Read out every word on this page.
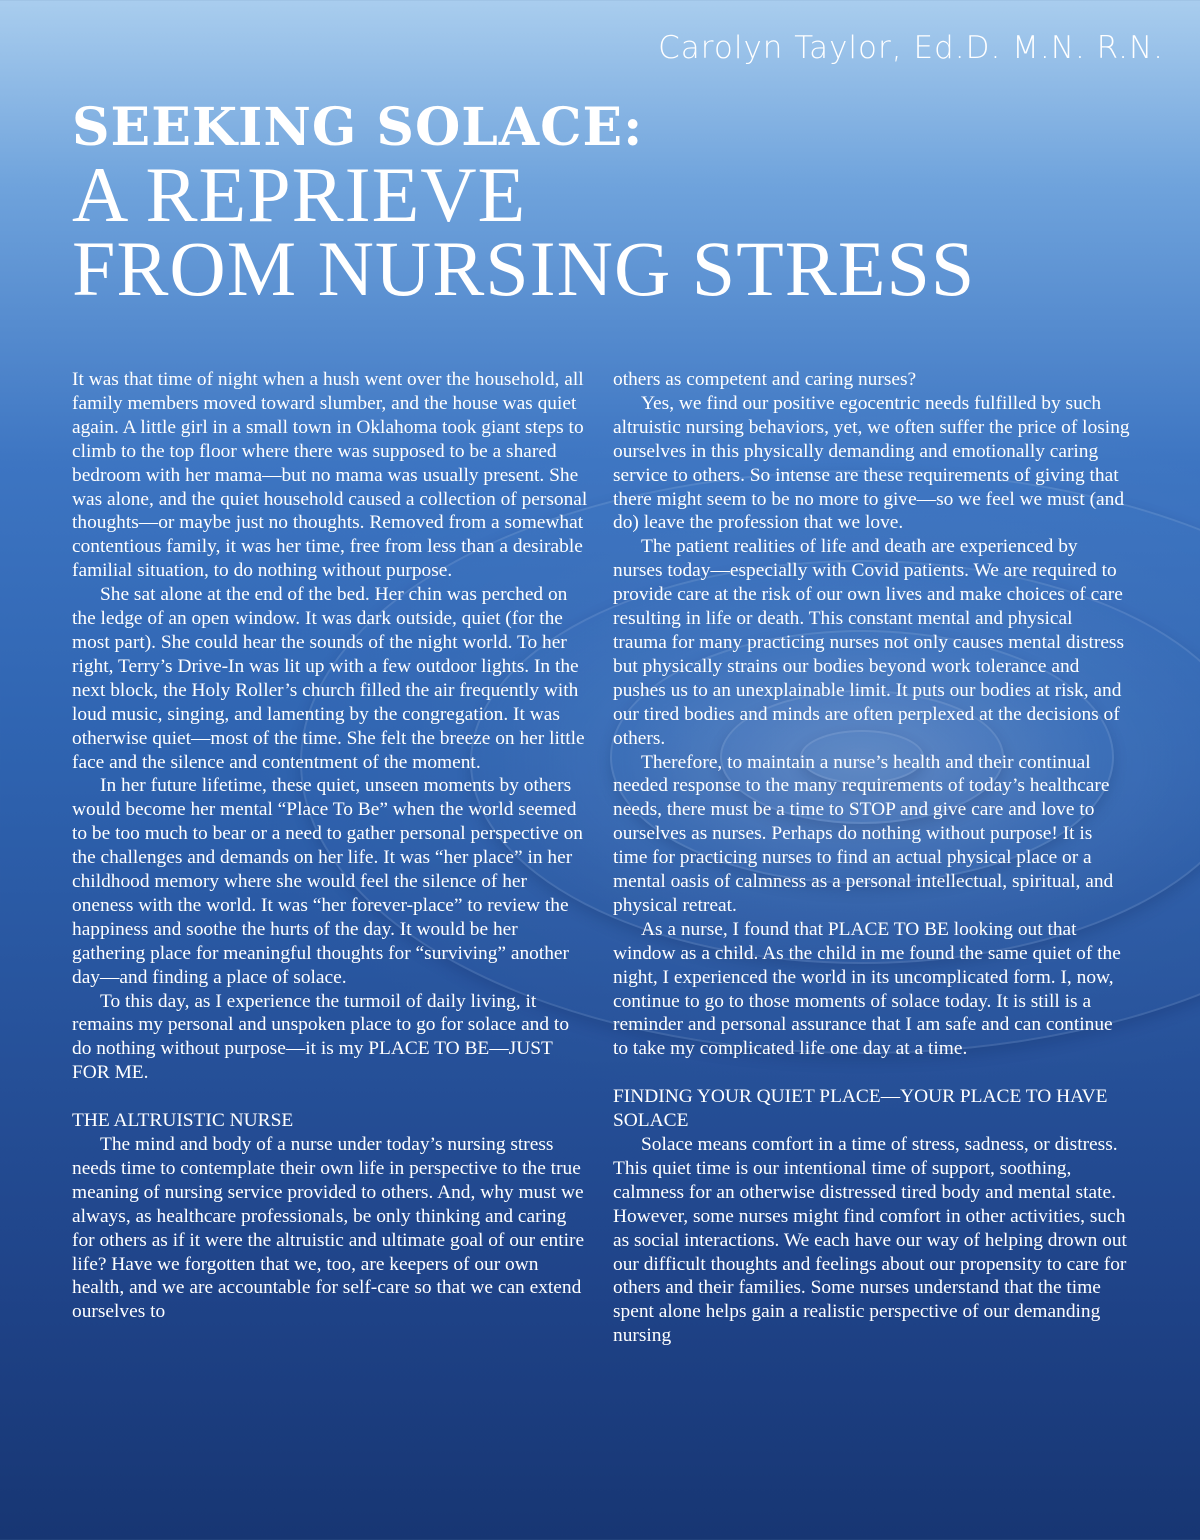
Carolyn Taylor, Ed.D. M.N. R.N.
SEEKING SOLACE:
A REPRIEVE
FROM NURSING STRESS

It was that time of night when a hush went over the household, all family members moved toward slumber, and the house was quiet again. A little girl in a small town in Oklahoma took giant steps to climb to the top floor where there was supposed to be a shared bedroom with her mama—but no mama was usually present. She was alone, and the quiet household caused a collection of personal thoughts—or maybe just no thoughts. Removed from a somewhat contentious family, it was her time, free from less than a desirable familial situation, to do nothing without purpose.

She sat alone at the end of the bed. Her chin was perched on the ledge of an open window. It was dark outside, quiet (for the most part). She could hear the sounds of the night world. To her right, Terry’s Drive-In was lit up with a few outdoor lights. In the next block, the Holy Roller’s church filled the air frequently with loud music, singing, and lamenting by the congregation. It was otherwise quiet—most of the time. She felt the breeze on her little face and the silence and contentment of the moment.

In her future lifetime, these quiet, unseen moments by others would become her mental “Place To Be” when the world seemed to be too much to bear or a need to gather personal perspective on the challenges and demands on her life. It was “her place” in her childhood memory where she would feel the silence of her oneness with the world. It was “her forever-place” to review the happiness and soothe the hurts of the day. It would be her gathering place for meaningful thoughts for “surviving” another day—and finding a place of solace.

To this day, as I experience the turmoil of daily living, it remains my personal and unspoken place to go for solace and to do nothing without purpose—it is my PLACE TO BE—JUST FOR ME.

THE ALTRUISTIC NURSE

The mind and body of a nurse under today’s nursing stress needs time to contemplate their own life in perspective to the true meaning of nursing service provided to others. And, why must we always, as healthcare professionals, be only thinking and caring for others as if it were the altruistic and ultimate goal of our entire life? Have we forgotten that we, too, are keepers of our own health, and we are accountable for self-care so that we can extend ourselves to

others as competent and caring nurses?

Yes, we find our positive egocentric needs fulfilled by such altruistic nursing behaviors, yet, we often suffer the price of losing ourselves in this physically demanding and emotionally caring service to others. So intense are these requirements of giving that there might seem to be no more to give—so we feel we must (and do) leave the profession that we love.

The patient realities of life and death are experienced by nurses today—especially with Covid patients. We are required to provide care at the risk of our own lives and make choices of care resulting in life or death. This constant mental and physical trauma for many practicing nurses not only causes mental distress but physically strains our bodies beyond work tolerance and pushes us to an unexplainable limit. It puts our bodies at risk, and our tired bodies and minds are often perplexed at the decisions of others.

Therefore, to maintain a nurse’s health and their continual needed response to the many requirements of today’s healthcare needs, there must be a time to STOP and give care and love to ourselves as nurses. Perhaps do nothing without purpose! It is time for practicing nurses to find an actual physical place or a mental oasis of calmness as a personal intellectual, spiritual, and physical retreat.

As a nurse, I found that PLACE TO BE looking out that window as a child. As the child in me found the same quiet of the night, I experienced the world in its uncomplicated form. I, now, continue to go to those moments of solace today. It is still is a reminder and personal assurance that I am safe and can continue to take my complicated life one day at a time.

FINDING YOUR QUIET PLACE—YOUR PLACE TO HAVE SOLACE

Solace means comfort in a time of stress, sadness, or distress. This quiet time is our intentional time of support, soothing, calmness for an otherwise distressed tired body and mental state. However, some nurses might find comfort in other activities, such as social interactions. We each have our way of helping drown out our difficult thoughts and feelings about our propensity to care for others and their families. Some nurses understand that the time spent alone helps gain a realistic perspective of our demanding nursing
